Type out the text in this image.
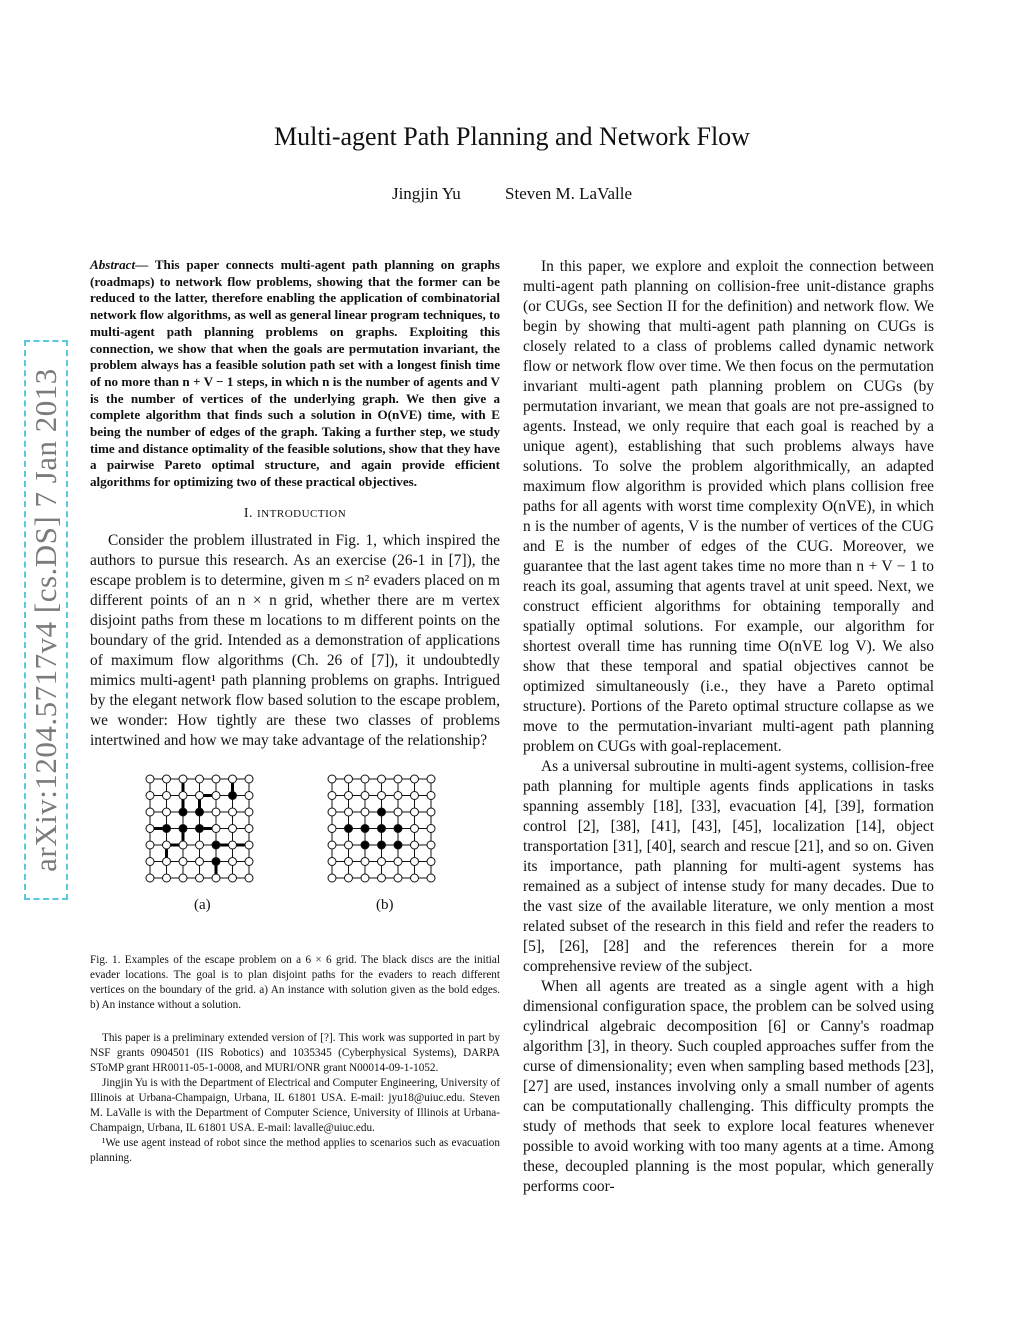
arXiv:1204.5717v4 [cs.DS] 7 Jan 2013
Multi-agent Path Planning and Network Flow
Jingjin Yu	Steven M. LaValle

Abstract— This paper connects multi-agent path planning on graphs (roadmaps) to network flow problems, showing that the former can be reduced to the latter, therefore enabling the application of combinatorial network flow algorithms, as well as general linear program techniques, to multi-agent path planning problems on graphs. Exploiting this connection, we show that when the goals are permutation invariant, the problem always has a feasible solution path set with a longest finish time of no more than n + V − 1 steps, in which n is the number of agents and V is the number of vertices of the underlying graph. We then give a complete algorithm that finds such a solution in O(nVE) time, with E being the number of edges of the graph. Taking a further step, we study time and distance optimality of the feasible solutions, show that they have a pairwise Pareto optimal structure, and again provide efficient algorithms for optimizing two of these practical objectives.

I. INTRODUCTION

Consider the problem illustrated in Fig. 1, which inspired the authors to pursue this research. As an exercise (26-1 in [7]), the escape problem is to determine, given m ≤ n² evaders placed on m different points of an n × n grid, whether there are m vertex disjoint paths from these m locations to m different points on the boundary of the grid. Intended as a demonstration of applications of maximum flow algorithms (Ch. 26 of [7]), it undoubtedly mimics multi-agent¹ path planning problems on graphs. Intrigued by the elegant network flow based solution to the escape problem, we wonder: How tightly are these two classes of problems intertwined and how we may take advantage of the relationship?

(a)	(b)

Fig. 1. Examples of the escape problem on a 6 × 6 grid. The black discs are the initial evader locations. The goal is to plan disjoint paths for the evaders to reach different vertices on the boundary of the grid. a) An instance with solution given as the bold edges. b) An instance without a solution.

This paper is a preliminary extended version of [?]. This work was supported in part by NSF grants 0904501 (IIS Robotics) and 1035345 (Cyberphysical Systems), DARPA SToMP grant HR0011-05-1-0008, and MURI/ONR grant N00014-09-1-1052.

Jingjin Yu is with the Department of Electrical and Computer Engineering, University of Illinois at Urbana-Champaign, Urbana, IL 61801 USA. E-mail: jyu18@uiuc.edu. Steven M. LaValle is with the Department of Computer Science, University of Illinois at Urbana-Champaign, Urbana, IL 61801 USA. E-mail: lavalle@uiuc.edu.

¹We use agent instead of robot since the method applies to scenarios such as evacuation planning.

In this paper, we explore and exploit the connection between multi-agent path planning on collision-free unit-distance graphs (or CUGs, see Section II for the definition) and network flow. We begin by showing that multi-agent path planning on CUGs is closely related to a class of problems called dynamic network flow or network flow over time. We then focus on the permutation invariant multi-agent path planning problem on CUGs (by permutation invariant, we mean that goals are not pre-assigned to agents. Instead, we only require that each goal is reached by a unique agent), establishing that such problems always have solutions. To solve the problem algorithmically, an adapted maximum flow algorithm is provided which plans collision free paths for all agents with worst time complexity O(nVE), in which n is the number of agents, V is the number of vertices of the CUG and E is the number of edges of the CUG. Moreover, we guarantee that the last agent takes time no more than n + V − 1 to reach its goal, assuming that agents travel at unit speed. Next, we construct efficient algorithms for obtaining temporally and spatially optimal solutions. For example, our algorithm for shortest overall time has running time O(nVE log V). We also show that these temporal and spatial objectives cannot be optimized simultaneously (i.e., they have a Pareto optimal structure). Portions of the Pareto optimal structure collapse as we move to the permutation-invariant multi-agent path planning problem on CUGs with goal-replacement.

As a universal subroutine in multi-agent systems, collision-free path planning for multiple agents finds applications in tasks spanning assembly [18], [33], evacuation [4], [39], formation control [2], [38], [41], [43], [45], localization [14], object transportation [31], [40], search and rescue [21], and so on. Given its importance, path planning for multi-agent systems has remained as a subject of intense study for many decades. Due to the vast size of the available literature, we only mention a most related subset of the research in this field and refer the readers to [5], [26], [28] and the references therein for a more comprehensive review of the subject.

When all agents are treated as a single agent with a high dimensional configuration space, the problem can be solved using cylindrical algebraic decomposition [6] or Canny's roadmap algorithm [3], in theory. Such coupled approaches suffer from the curse of dimensionality; even when sampling based methods [23], [27] are used, instances involving only a small number of agents can be computationally challenging. This difficulty prompts the study of methods that seek to explore local features whenever possible to avoid working with too many agents at a time. Among these, decoupled planning is the most popular, which generally performs coor-
